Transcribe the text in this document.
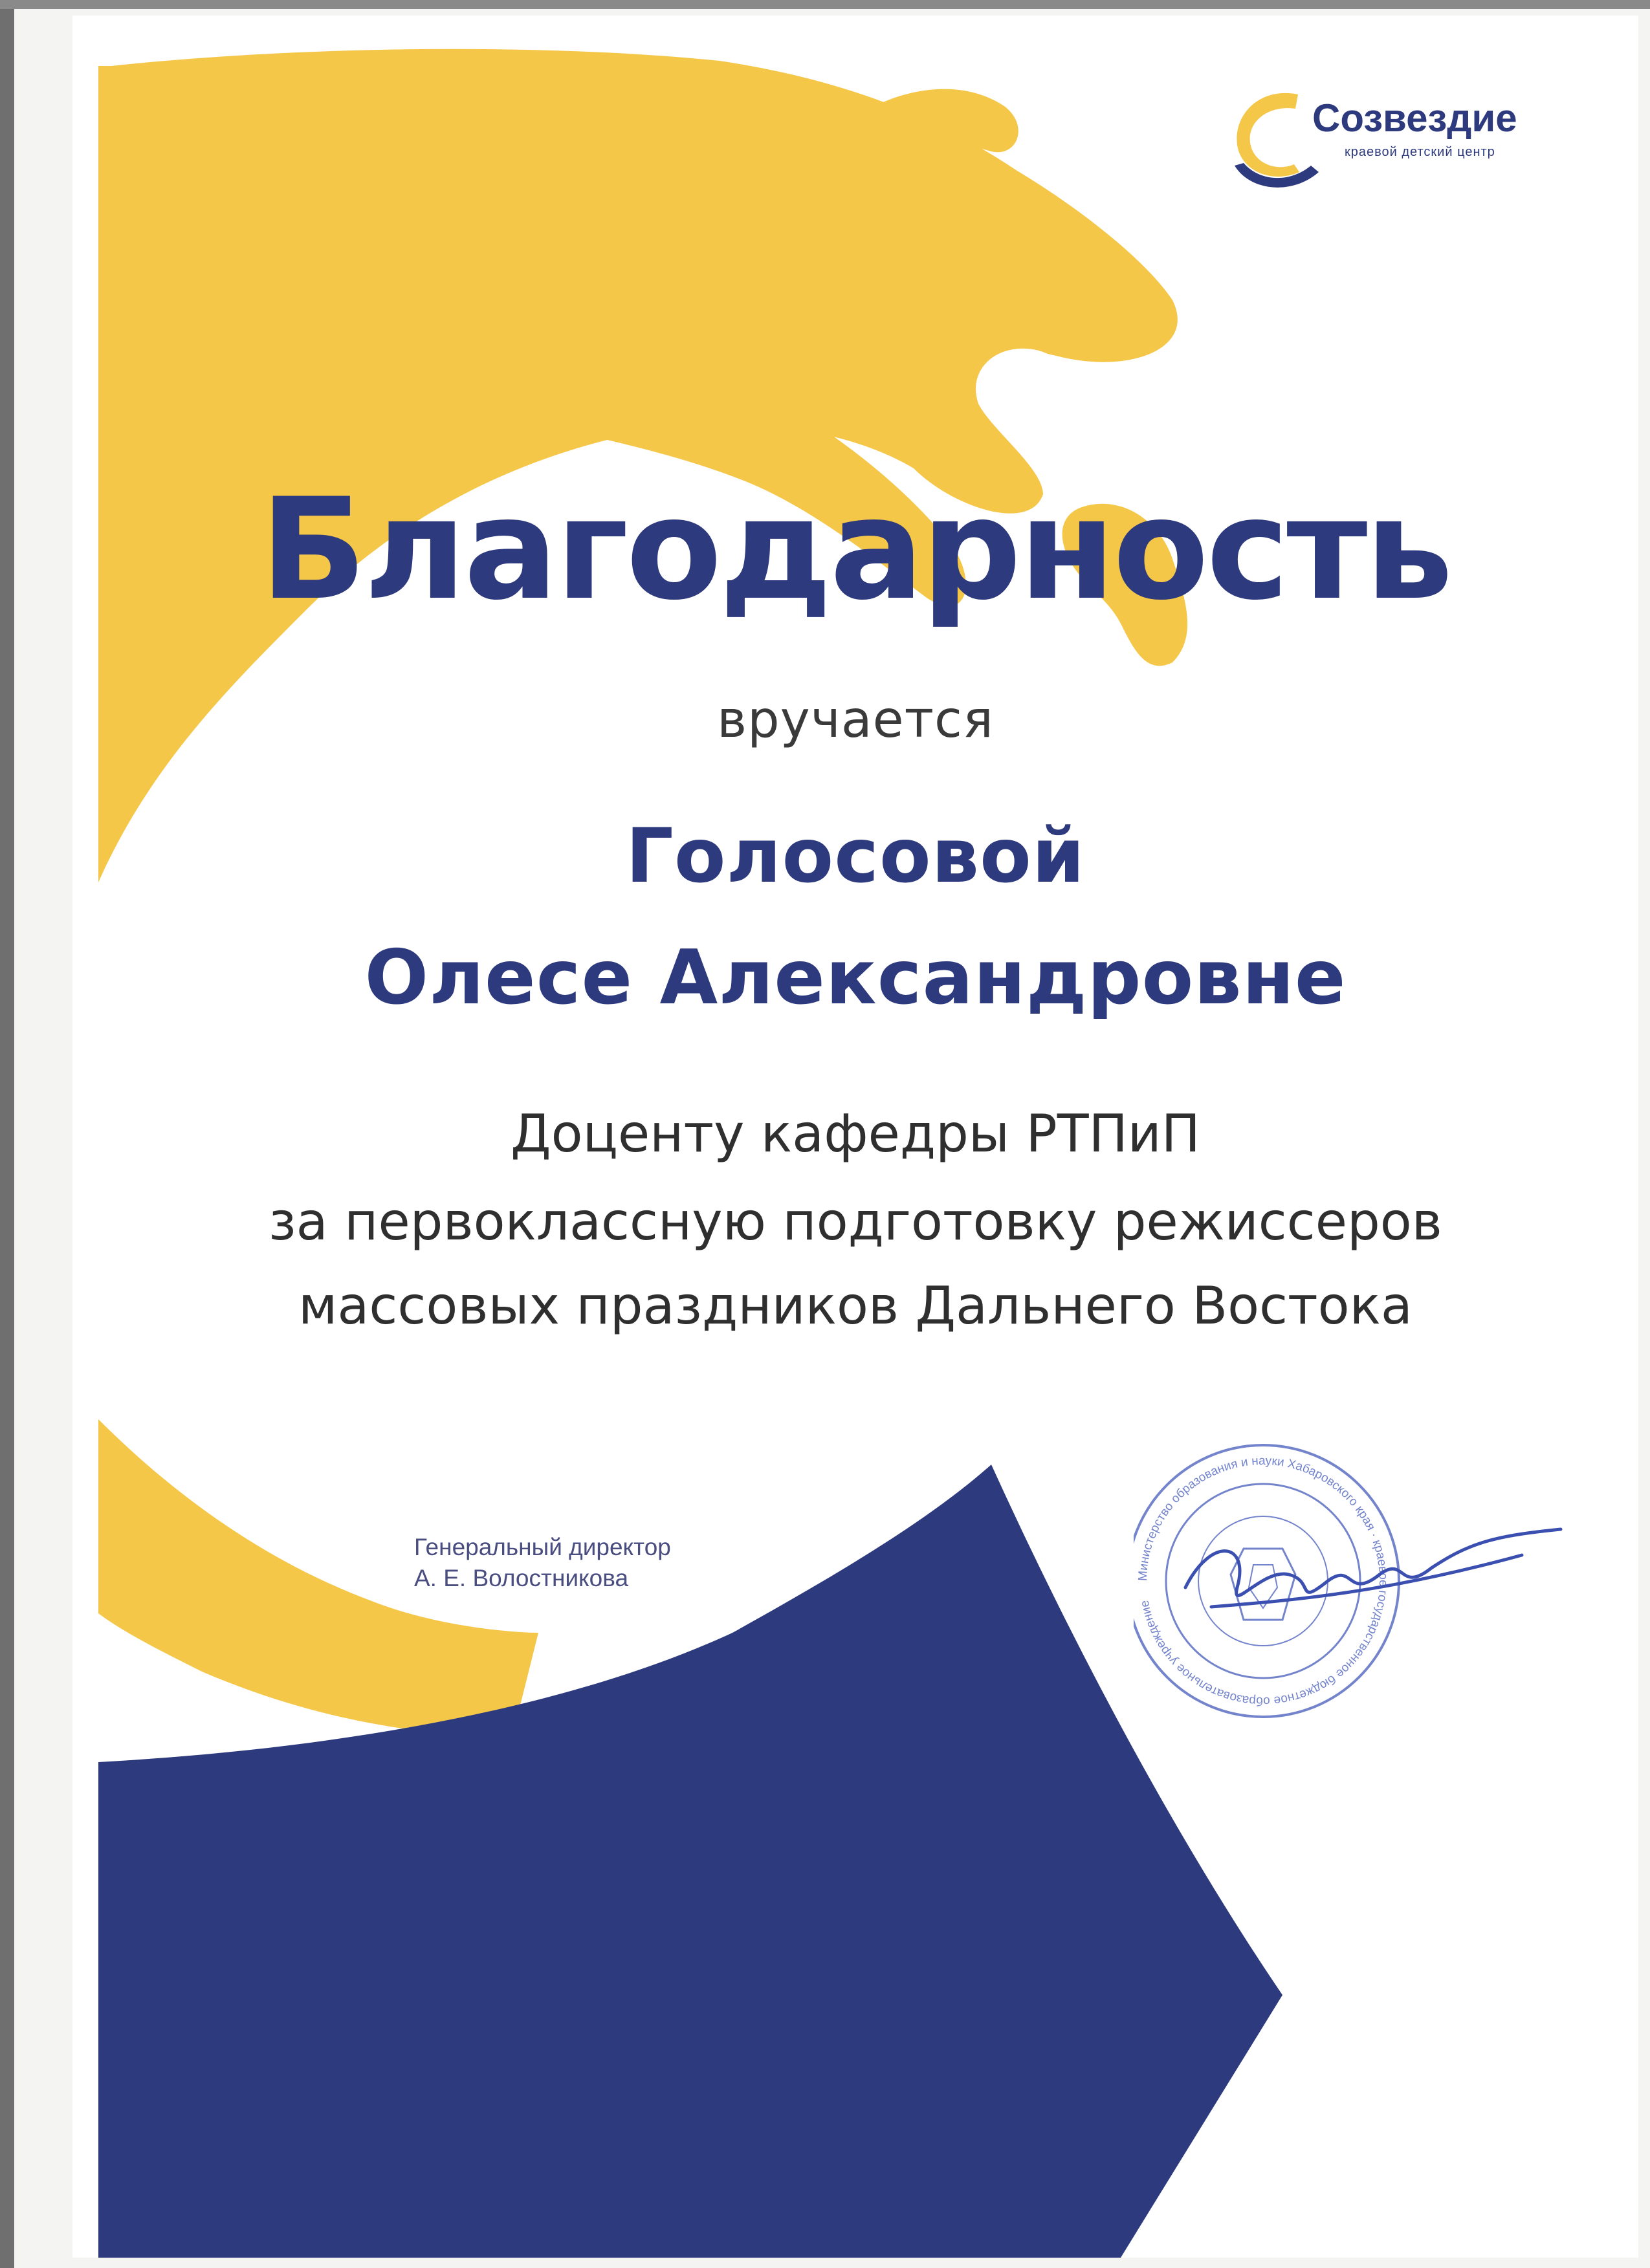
Созвездие
краевой детский центр
Благодарность

вручается

Голосовой

Олесе Александровне

Доценту кафедры РТПиП

за первоклассную подготовку режиссеров

массовых праздников Дальнего Востока

Генеральный директор
А. Е. Волостникова	Министерство образования и науки Хабаровского края · краевое государственное бюджетное образовательное учреждение
